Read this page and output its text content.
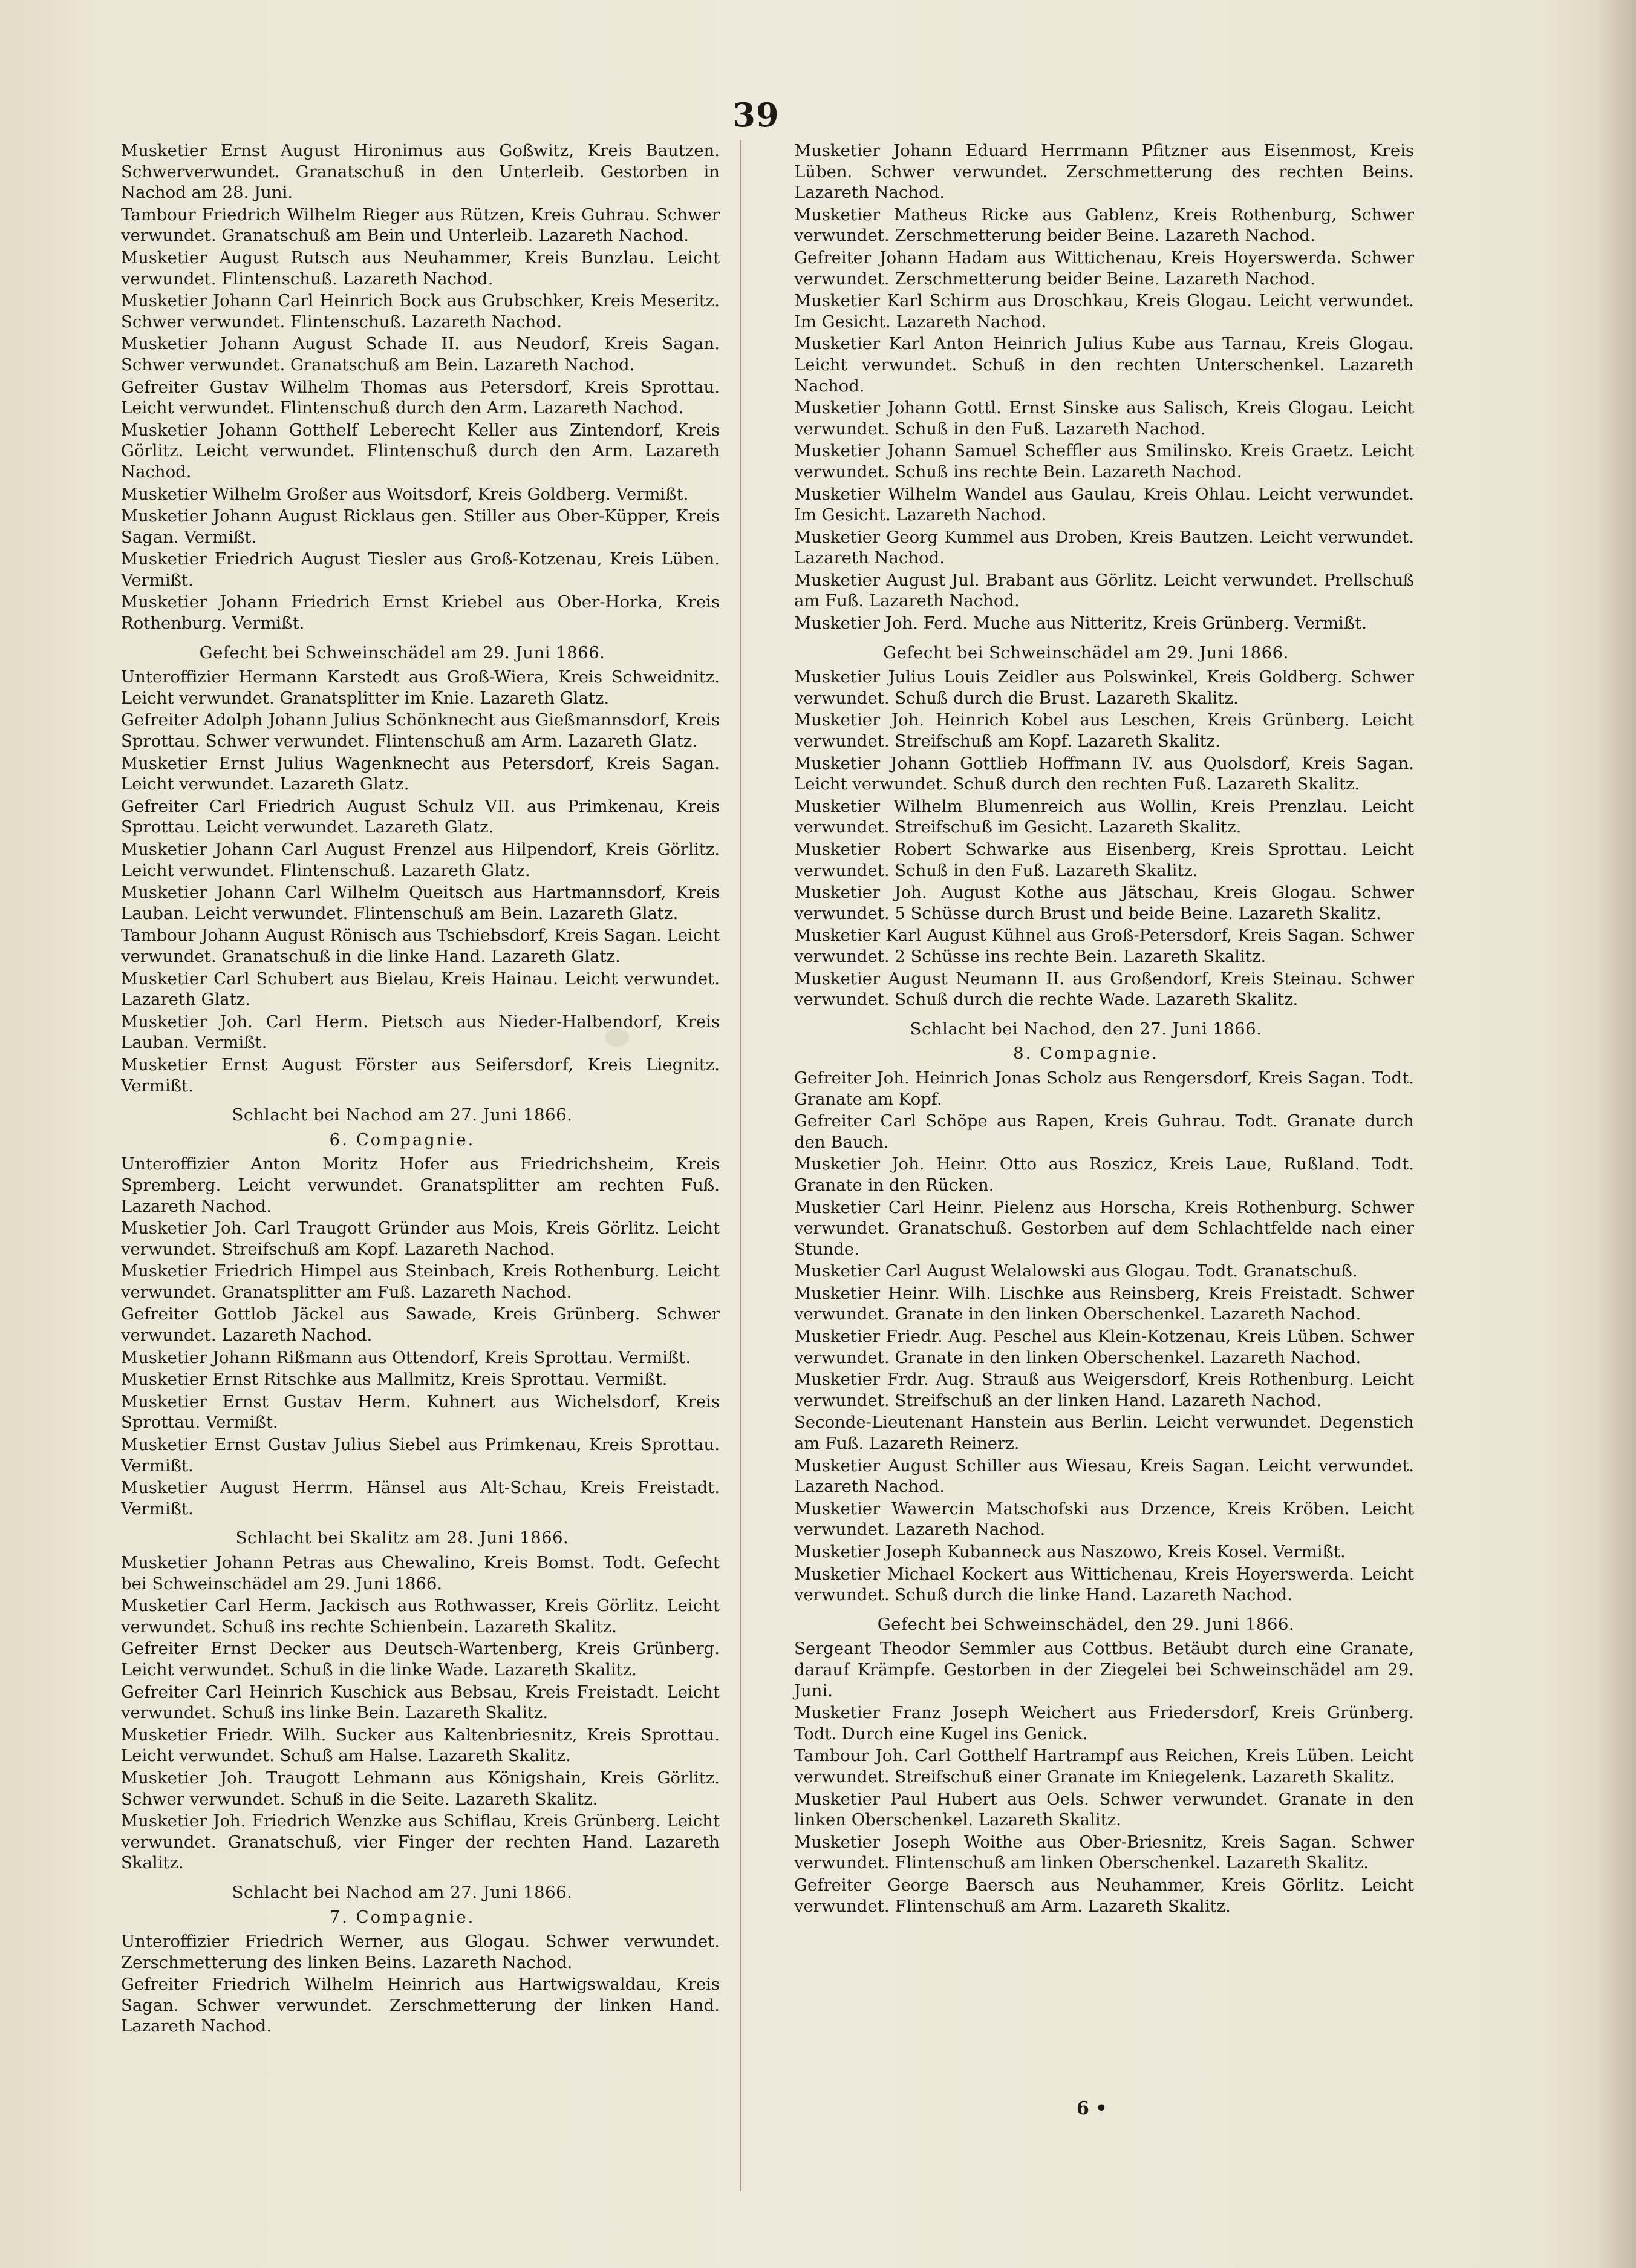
39
Musketier Ernst August Hironimus aus Goßwitz, Kreis Bautzen. Schwerverwundet. Granatschuß in den Unterleib. Gestorben in Nachod am 28. Juni.
Tambour Friedrich Wilhelm Rieger aus Rützen, Kreis Guhrau. Schwer verwundet. Granatschuß am Bein und Unterleib. Lazareth Nachod.
Musketier August Rutsch aus Neuhammer, Kreis Bunzlau. Leicht verwundet. Flintenschuß. Lazareth Nachod.
Musketier Johann Carl Heinrich Bock aus Grubschker, Kreis Meseritz. Schwer verwundet. Flintenschuß. Lazareth Nachod.
Musketier Johann August Schade II. aus Neudorf, Kreis Sagan. Schwer verwundet. Granatschuß am Bein. Lazareth Nachod.
Gefreiter Gustav Wilhelm Thomas aus Petersdorf, Kreis Sprottau. Leicht verwundet. Flintenschuß durch den Arm. Lazareth Nachod.
Musketier Johann Gotthelf Leberecht Keller aus Zintendorf, Kreis Görlitz. Leicht verwundet. Flintenschuß durch den Arm. Lazareth Nachod.
Musketier Wilhelm Großer aus Woitsdorf, Kreis Goldberg. Vermißt.
Musketier Johann August Ricklaus gen. Stiller aus Ober-Küpper, Kreis Sagan. Vermißt.
Musketier Friedrich August Tiesler aus Groß-Kotzenau, Kreis Lüben. Vermißt.
Musketier Johann Friedrich Ernst Kriebel aus Ober-Horka, Kreis Rothenburg. Vermißt.
Gefecht bei Schweinschädel am 29. Juni 1866.
Unteroffizier Hermann Karstedt aus Groß-Wiera, Kreis Schweidnitz. Leicht verwundet. Granatsplitter im Knie. Lazareth Glatz.
Gefreiter Adolph Johann Julius Schönknecht aus Gießmannsdorf, Kreis Sprottau. Schwer verwundet. Flintenschuß am Arm. Lazareth Glatz.
Musketier Ernst Julius Wagenknecht aus Petersdorf, Kreis Sagan. Leicht verwundet. Lazareth Glatz.
Gefreiter Carl Friedrich August Schulz VII. aus Primkenau, Kreis Sprottau. Leicht verwundet. Lazareth Glatz.
Musketier Johann Carl August Frenzel aus Hilpendorf, Kreis Görlitz. Leicht verwundet. Flintenschuß. Lazareth Glatz.
Musketier Johann Carl Wilhelm Queitsch aus Hartmannsdorf, Kreis Lauban. Leicht verwundet. Flintenschuß am Bein. Lazareth Glatz.
Tambour Johann August Rönisch aus Tschiebsdorf, Kreis Sagan. Leicht verwundet. Granatschuß in die linke Hand. Lazareth Glatz.
Musketier Carl Schubert aus Bielau, Kreis Hainau. Leicht verwundet. Lazareth Glatz.
Musketier Joh. Carl Herm. Pietsch aus Nieder-Halbendorf, Kreis Lauban. Vermißt.
Musketier Ernst August Förster aus Seifersdorf, Kreis Liegnitz. Vermißt.
Schlacht bei Nachod am 27. Juni 1866.
6. Compagnie.
Unteroffizier Anton Moritz Hofer aus Friedrichsheim, Kreis Spremberg. Leicht verwundet. Granatsplitter am rechten Fuß. Lazareth Nachod.
Musketier Joh. Carl Traugott Gründer aus Mois, Kreis Görlitz. Leicht verwundet. Streifschuß am Kopf. Lazareth Nachod.
Musketier Friedrich Himpel aus Steinbach, Kreis Rothenburg. Leicht verwundet. Granatsplitter am Fuß. Lazareth Nachod.
Gefreiter Gottlob Jäckel aus Sawade, Kreis Grünberg. Schwer verwundet. Lazareth Nachod.
Musketier Johann Rißmann aus Ottendorf, Kreis Sprottau. Vermißt.
Musketier Ernst Ritschke aus Mallmitz, Kreis Sprottau. Vermißt.
Musketier Ernst Gustav Herm. Kuhnert aus Wichelsdorf, Kreis Sprottau. Vermißt.
Musketier Ernst Gustav Julius Siebel aus Primkenau, Kreis Sprottau. Vermißt.
Musketier August Herrm. Hänsel aus Alt-Schau, Kreis Freistadt. Vermißt.
Schlacht bei Skalitz am 28. Juni 1866.
Musketier Johann Petras aus Chewalino, Kreis Bomst. Todt. Gefecht bei Schweinschädel am 29. Juni 1866.
Musketier Carl Herm. Jackisch aus Rothwasser, Kreis Görlitz. Leicht verwundet. Schuß ins rechte Schienbein. Lazareth Skalitz.
Gefreiter Ernst Decker aus Deutsch-Wartenberg, Kreis Grünberg. Leicht verwundet. Schuß in die linke Wade. Lazareth Skalitz.
Gefreiter Carl Heinrich Kuschick aus Bebsau, Kreis Freistadt. Leicht verwundet. Schuß ins linke Bein. Lazareth Skalitz.
Musketier Friedr. Wilh. Sucker aus Kaltenbriesnitz, Kreis Sprottau. Leicht verwundet. Schuß am Halse. Lazareth Skalitz.
Musketier Joh. Traugott Lehmann aus Königshain, Kreis Görlitz. Schwer verwundet. Schuß in die Seite. Lazareth Skalitz.
Musketier Joh. Friedrich Wenzke aus Schiflau, Kreis Grünberg. Leicht verwundet. Granatschuß, vier Finger der rechten Hand. Lazareth Skalitz.
Schlacht bei Nachod am 27. Juni 1866.
7. Compagnie.
Unteroffizier Friedrich Werner, aus Glogau. Schwer verwundet. Zerschmetterung des linken Beins. Lazareth Nachod.
Gefreiter Friedrich Wilhelm Heinrich aus Hartwigswaldau, Kreis Sagan. Schwer verwundet. Zerschmetterung der linken Hand. Lazareth Nachod.
Musketier Johann Eduard Herrmann Pfitzner aus Eisenmost, Kreis Lüben. Schwer verwundet. Zerschmetterung des rechten Beins. Lazareth Nachod.
Musketier Matheus Ricke aus Gablenz, Kreis Rothenburg, Schwer verwundet. Zerschmetterung beider Beine. Lazareth Nachod.
Gefreiter Johann Hadam aus Wittichenau, Kreis Hoyerswerda. Schwer verwundet. Zerschmetterung beider Beine. Lazareth Nachod.
Musketier Karl Schirm aus Droschkau, Kreis Glogau. Leicht verwundet. Im Gesicht. Lazareth Nachod.
Musketier Karl Anton Heinrich Julius Kube aus Tarnau, Kreis Glogau. Leicht verwundet. Schuß in den rechten Unterschenkel. Lazareth Nachod.
Musketier Johann Gottl. Ernst Sinske aus Salisch, Kreis Glogau. Leicht verwundet. Schuß in den Fuß. Lazareth Nachod.
Musketier Johann Samuel Scheffler aus Smilinsko. Kreis Graetz. Leicht verwundet. Schuß ins rechte Bein. Lazareth Nachod.
Musketier Wilhelm Wandel aus Gaulau, Kreis Ohlau. Leicht verwundet. Im Gesicht. Lazareth Nachod.
Musketier Georg Kummel aus Droben, Kreis Bautzen. Leicht verwundet. Lazareth Nachod.
Musketier August Jul. Brabant aus Görlitz. Leicht verwundet. Prellschuß am Fuß. Lazareth Nachod.
Musketier Joh. Ferd. Muche aus Nitteritz, Kreis Grünberg. Vermißt.
Gefecht bei Schweinschädel am 29. Juni 1866.
Musketier Julius Louis Zeidler aus Polswinkel, Kreis Goldberg. Schwer verwundet. Schuß durch die Brust. Lazareth Skalitz.
Musketier Joh. Heinrich Kobel aus Leschen, Kreis Grünberg. Leicht verwundet. Streifschuß am Kopf. Lazareth Skalitz.
Musketier Johann Gottlieb Hoffmann IV. aus Quolsdorf, Kreis Sagan. Leicht verwundet. Schuß durch den rechten Fuß. Lazareth Skalitz.
Musketier Wilhelm Blumenreich aus Wollin, Kreis Prenzlau. Leicht verwundet. Streifschuß im Gesicht. Lazareth Skalitz.
Musketier Robert Schwarke aus Eisenberg, Kreis Sprottau. Leicht verwundet. Schuß in den Fuß. Lazareth Skalitz.
Musketier Joh. August Kothe aus Jätschau, Kreis Glogau. Schwer verwundet. 5 Schüsse durch Brust und beide Beine. Lazareth Skalitz.
Musketier Karl August Kühnel aus Groß-Petersdorf, Kreis Sagan. Schwer verwundet. 2 Schüsse ins rechte Bein. Lazareth Skalitz.
Musketier August Neumann II. aus Großendorf, Kreis Steinau. Schwer verwundet. Schuß durch die rechte Wade. Lazareth Skalitz.
Schlacht bei Nachod, den 27. Juni 1866.
8. Compagnie.
Gefreiter Joh. Heinrich Jonas Scholz aus Rengersdorf, Kreis Sagan. Todt. Granate am Kopf.
Gefreiter Carl Schöpe aus Rapen, Kreis Guhrau. Todt. Granate durch den Bauch.
Musketier Joh. Heinr. Otto aus Roszicz, Kreis Laue, Rußland. Todt. Granate in den Rücken.
Musketier Carl Heinr. Pielenz aus Horscha, Kreis Rothenburg. Schwer verwundet. Granatschuß. Gestorben auf dem Schlachtfelde nach einer Stunde.
Musketier Carl August Welalowski aus Glogau. Todt. Granatschuß.
Musketier Heinr. Wilh. Lischke aus Reinsberg, Kreis Freistadt. Schwer verwundet. Granate in den linken Oberschenkel. Lazareth Nachod.
Musketier Friedr. Aug. Peschel aus Klein-Kotzenau, Kreis Lüben. Schwer verwundet. Granate in den linken Oberschenkel. Lazareth Nachod.
Musketier Frdr. Aug. Strauß aus Weigersdorf, Kreis Rothenburg. Leicht verwundet. Streifschuß an der linken Hand. Lazareth Nachod.
Seconde-Lieutenant Hanstein aus Berlin. Leicht verwundet. Degenstich am Fuß. Lazareth Reinerz.
Musketier August Schiller aus Wiesau, Kreis Sagan. Leicht verwundet. Lazareth Nachod.
Musketier Wawercin Matschofski aus Drzence, Kreis Kröben. Leicht verwundet. Lazareth Nachod.
Musketier Joseph Kubanneck aus Naszowo, Kreis Kosel. Vermißt.
Musketier Michael Kockert aus Wittichenau, Kreis Hoyerswerda. Leicht verwundet. Schuß durch die linke Hand. Lazareth Nachod.
Gefecht bei Schweinschädel, den 29. Juni 1866.
Sergeant Theodor Semmler aus Cottbus. Betäubt durch eine Granate, darauf Krämpfe. Gestorben in der Ziegelei bei Schweinschädel am 29. Juni.
Musketier Franz Joseph Weichert aus Friedersdorf, Kreis Grünberg. Todt. Durch eine Kugel ins Genick.
Tambour Joh. Carl Gotthelf Hartrampf aus Reichen, Kreis Lüben. Leicht verwundet. Streifschuß einer Granate im Kniegelenk. Lazareth Skalitz.
Musketier Paul Hubert aus Oels. Schwer verwundet. Granate in den linken Oberschenkel. Lazareth Skalitz.
Musketier Joseph Woithe aus Ober-Briesnitz, Kreis Sagan. Schwer verwundet. Flintenschuß am linken Oberschenkel. Lazareth Skalitz.
Gefreiter George Baersch aus Neuhammer, Kreis Görlitz. Leicht verwundet. Flintenschuß am Arm. Lazareth Skalitz.
6 •
